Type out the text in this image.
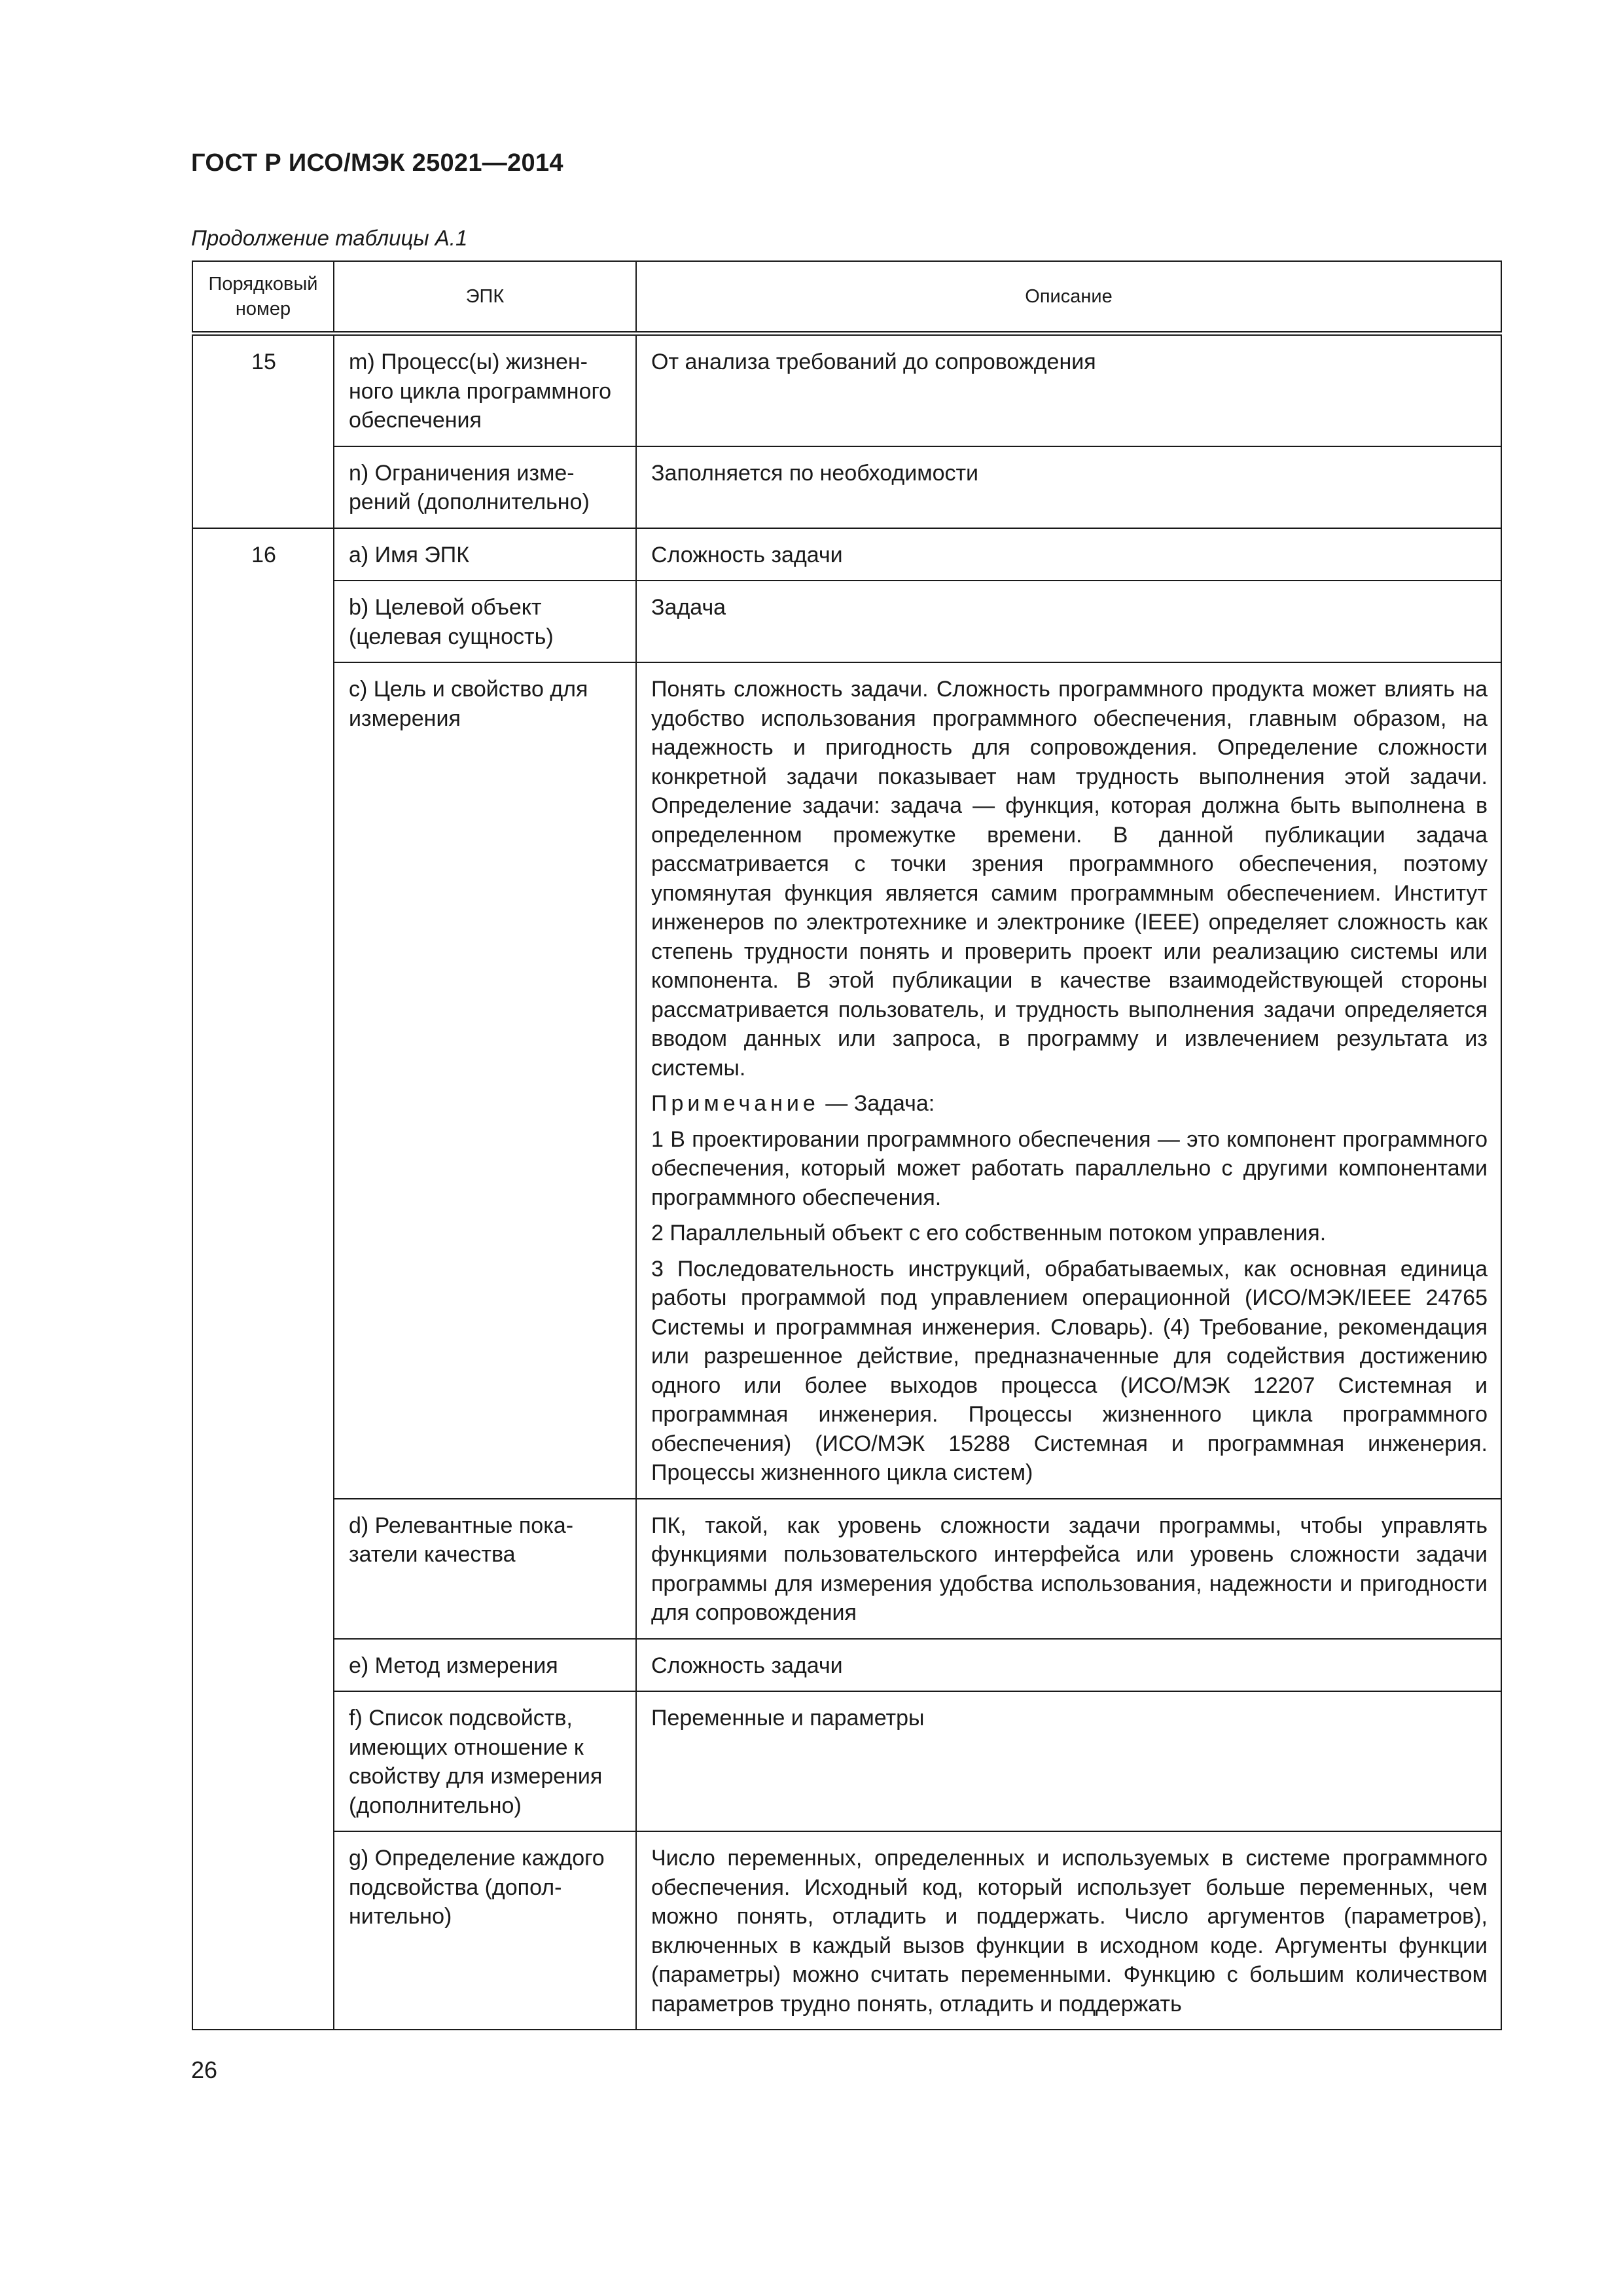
ГОСТ Р ИСО/МЭК 25021—2014
Продолжение таблицы А.1
Порядковый номер	ЭПК	Описание
15	m) Процесс(ы) жизненного цикла программного обеспечения	От анализа требований до сопровождения
	n) Ограничения измерений (дополнительно)	Заполняется по необходимости
16	a) Имя ЭПК	Сложность задачи
	b) Целевой объект (целевая сущность)	Задача
	c) Цель и свойство для измерения	Понять сложность задачи. Сложность программного продукта может влиять на удобство использования программного обеспечения, главным образом, на надежность и пригодность для сопровождения. Определение сложности конкретной задачи показывает нам трудность выполнения этой задачи. Определение задачи: задача — функция, которая должна быть выполнена в определенном промежутке времени. В данной публикации задача рассматривается с точки зрения программного обеспечения, поэтому упомянутая функция является самим программным обеспечением. Институт инженеров по электротехнике и электронике (IEEE) определяет сложность как степень трудности понять и проверить проект или реализацию системы или компонента. В этой публикации в качестве взаимодействующей стороны рассматривается пользователь, и трудность выполнения задачи определяется вводом данных или запроса, в программу и извлечением результата из системы.

Примечание — Задача:

1 В проектировании программного обеспечения — это компонент программного обеспечения, который может работать параллельно с другими компонентами программного обеспечения.

2 Параллельный объект с его собственным потоком управления.

3 Последовательность инструкций, обрабатываемых, как основная единица работы программой под управлением операционной (ИСО/МЭК/IEEE 24765 Системы и программная инженерия. Словарь). (4) Требование, рекомендация или разрешенное действие, предназначенные для содействия достижению одного или более выходов процесса (ИСО/МЭК 12207 Системная и программная инженерия. Процессы жизненного цикла программного обеспечения) (ИСО/МЭК 15288 Системная и программная инженерия. Процессы жизненного цикла систем)

	d) Релевантные показатели качества	ПК, такой, как уровень сложности задачи программы, чтобы управлять функциями пользовательского интерфейса или уровень сложности задачи программы для измерения удобства использования, надежности и пригодности для сопровождения
	e) Метод измерения	Сложность задачи
	f) Список подсвойств, имеющих отношение к свойству для измерения (дополнительно)	Переменные и параметры
	g) Определение каждого подсвойства (дополнительно)	Число переменных, определенных и используемых в системе программного обеспечения. Исходный код, который использует больше переменных, чем можно понять, отладить и поддержать. Число аргументов (параметров), включенных в каждый вызов функции в исходном коде. Аргументы функции (параметры) можно считать переменными. Функцию с большим количеством параметров трудно понять, отладить и поддержать
26
